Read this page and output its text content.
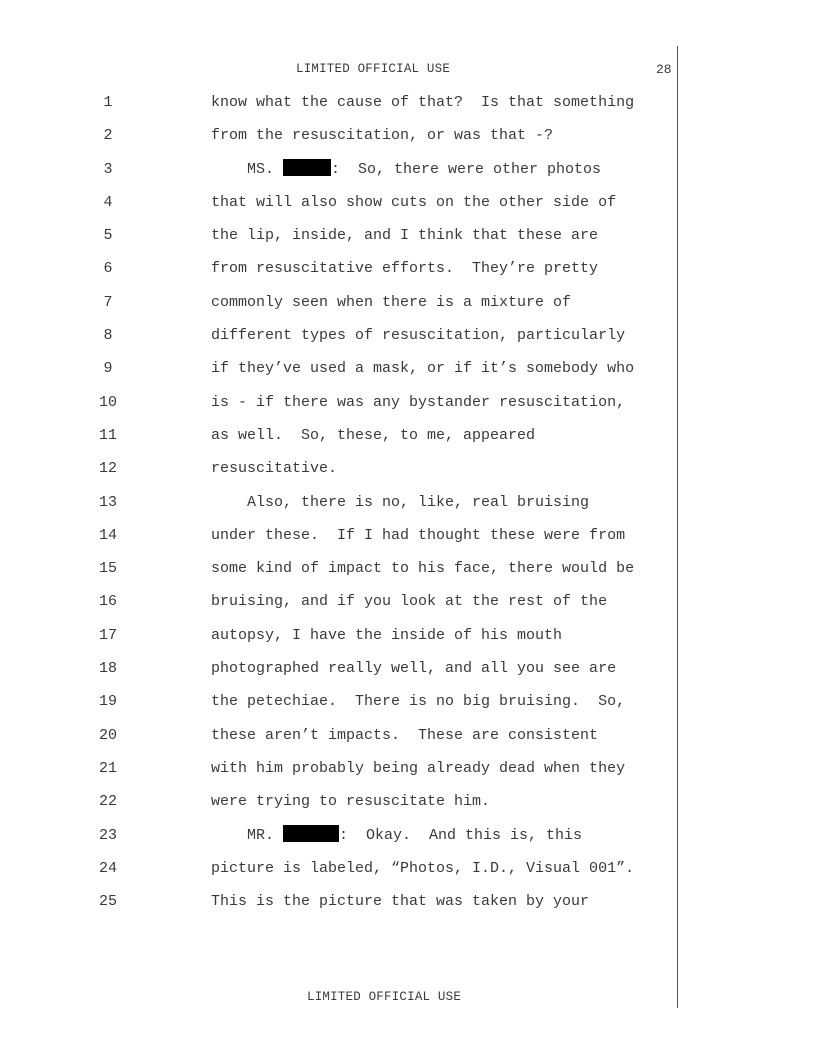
LIMITED OFFICIAL USE	28
1	know what the cause of that?  Is that something
2	from the resuscitation, or was that -?
3	MS.	:  So, there were other photos
4	that will also show cuts on the other side of
5	the lip, inside, and I think that these are
6	from resuscitative efforts.  They’re pretty
7	commonly seen when there is a mixture of
8	different types of resuscitation, particularly
9	if they’ve used a mask, or if it’s somebody who
10	is - if there was any bystander resuscitation,
11	as well.  So, these, to me, appeared
12	resuscitative.
13	Also, there is no, like, real bruising
14	under these.  If I had thought these were from
15	some kind of impact to his face, there would be
16	bruising, and if you look at the rest of the
17	autopsy, I have the inside of his mouth
18	photographed really well, and all you see are
19	the petechiae.  There is no big bruising.  So,
20	these aren’t impacts.  These are consistent
21	with him probably being already dead when they
22	were trying to resuscitate him.
23	MR.	:  Okay.  And this is, this
24	picture is labeled, “Photos, I.D., Visual 001”.
25	This is the picture that was taken by your
LIMITED OFFICIAL USE
